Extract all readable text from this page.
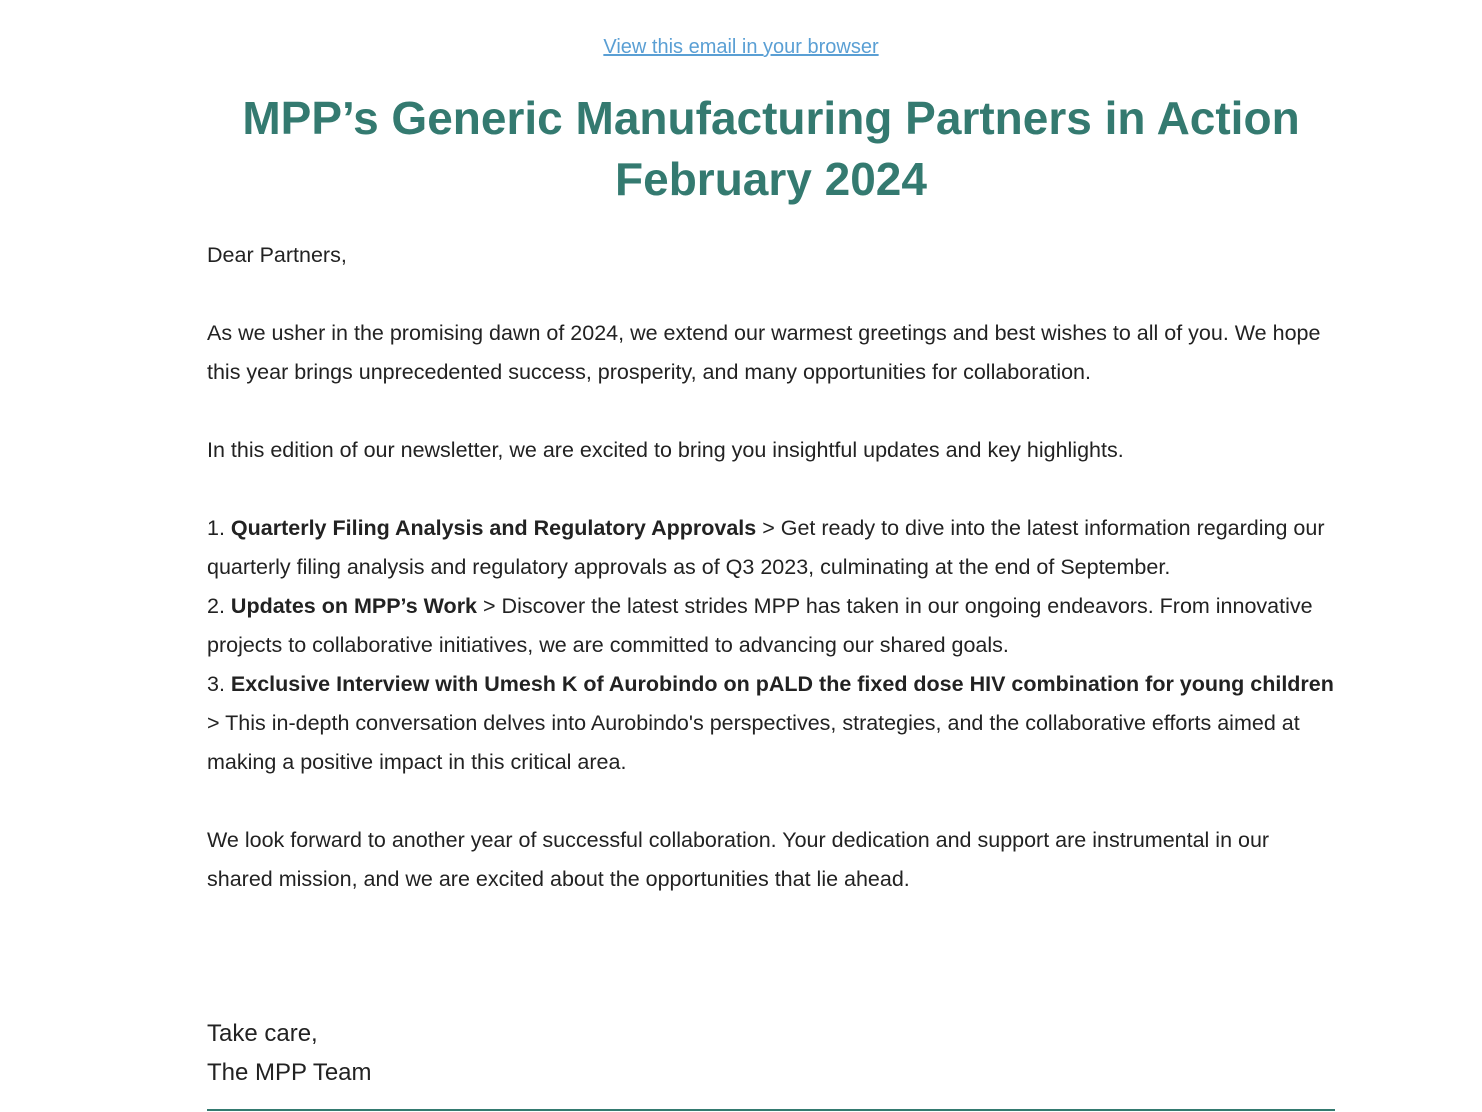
View this email in your browser
MPP’s Generic Manufacturing Partners in Action
February 2024

Dear Partners,

As we usher in the promising dawn of 2024, we extend our warmest greetings and best wishes to all of you. We hope this year brings unprecedented success, prosperity, and many opportunities for collaboration.

In this edition of our newsletter, we are excited to bring you insightful updates and key highlights.

1. Quarterly Filing Analysis and Regulatory Approvals > Get ready to dive into the latest information regarding our quarterly filing analysis and regulatory approvals as of Q3 2023, culminating at the end of September.
2. Updates on MPP’s Work > Discover the latest strides MPP has taken in our ongoing endeavors. From innovative projects to collaborative initiatives, we are committed to advancing our shared goals.
3. Exclusive Interview with Umesh K of Aurobindo on pALD the fixed dose HIV combination for young children > This in-depth conversation delves into Aurobindo's perspectives, strategies, and the collaborative efforts aimed at making a positive impact in this critical area.

We look forward to another year of successful collaboration. Your dedication and support are instrumental in our shared mission, and we are excited about the opportunities that lie ahead.

Take care,
The MPP Team
